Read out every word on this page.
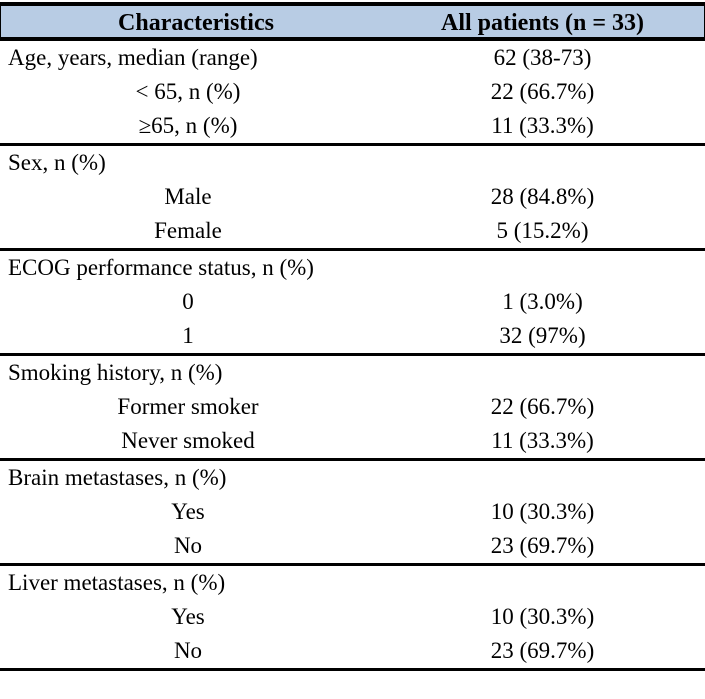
Characteristics	All patients (n = 33)
Age, years, median (range)	62 (38-73)
< 65, n (%)	22 (66.7%)
≥65, n (%)	11 (33.3%)
Sex, n (%)
Male	28 (84.8%)
Female	5 (15.2%)
ECOG performance status, n (%)
0	1 (3.0%)
1	32 (97%)
Smoking history, n (%)
Former smoker	22 (66.7%)
Never smoked	11 (33.3%)
Brain metastases, n (%)
Yes	10 (30.3%)
No	23 (69.7%)
Liver metastases, n (%)
Yes	10 (30.3%)
No	23 (69.7%)
